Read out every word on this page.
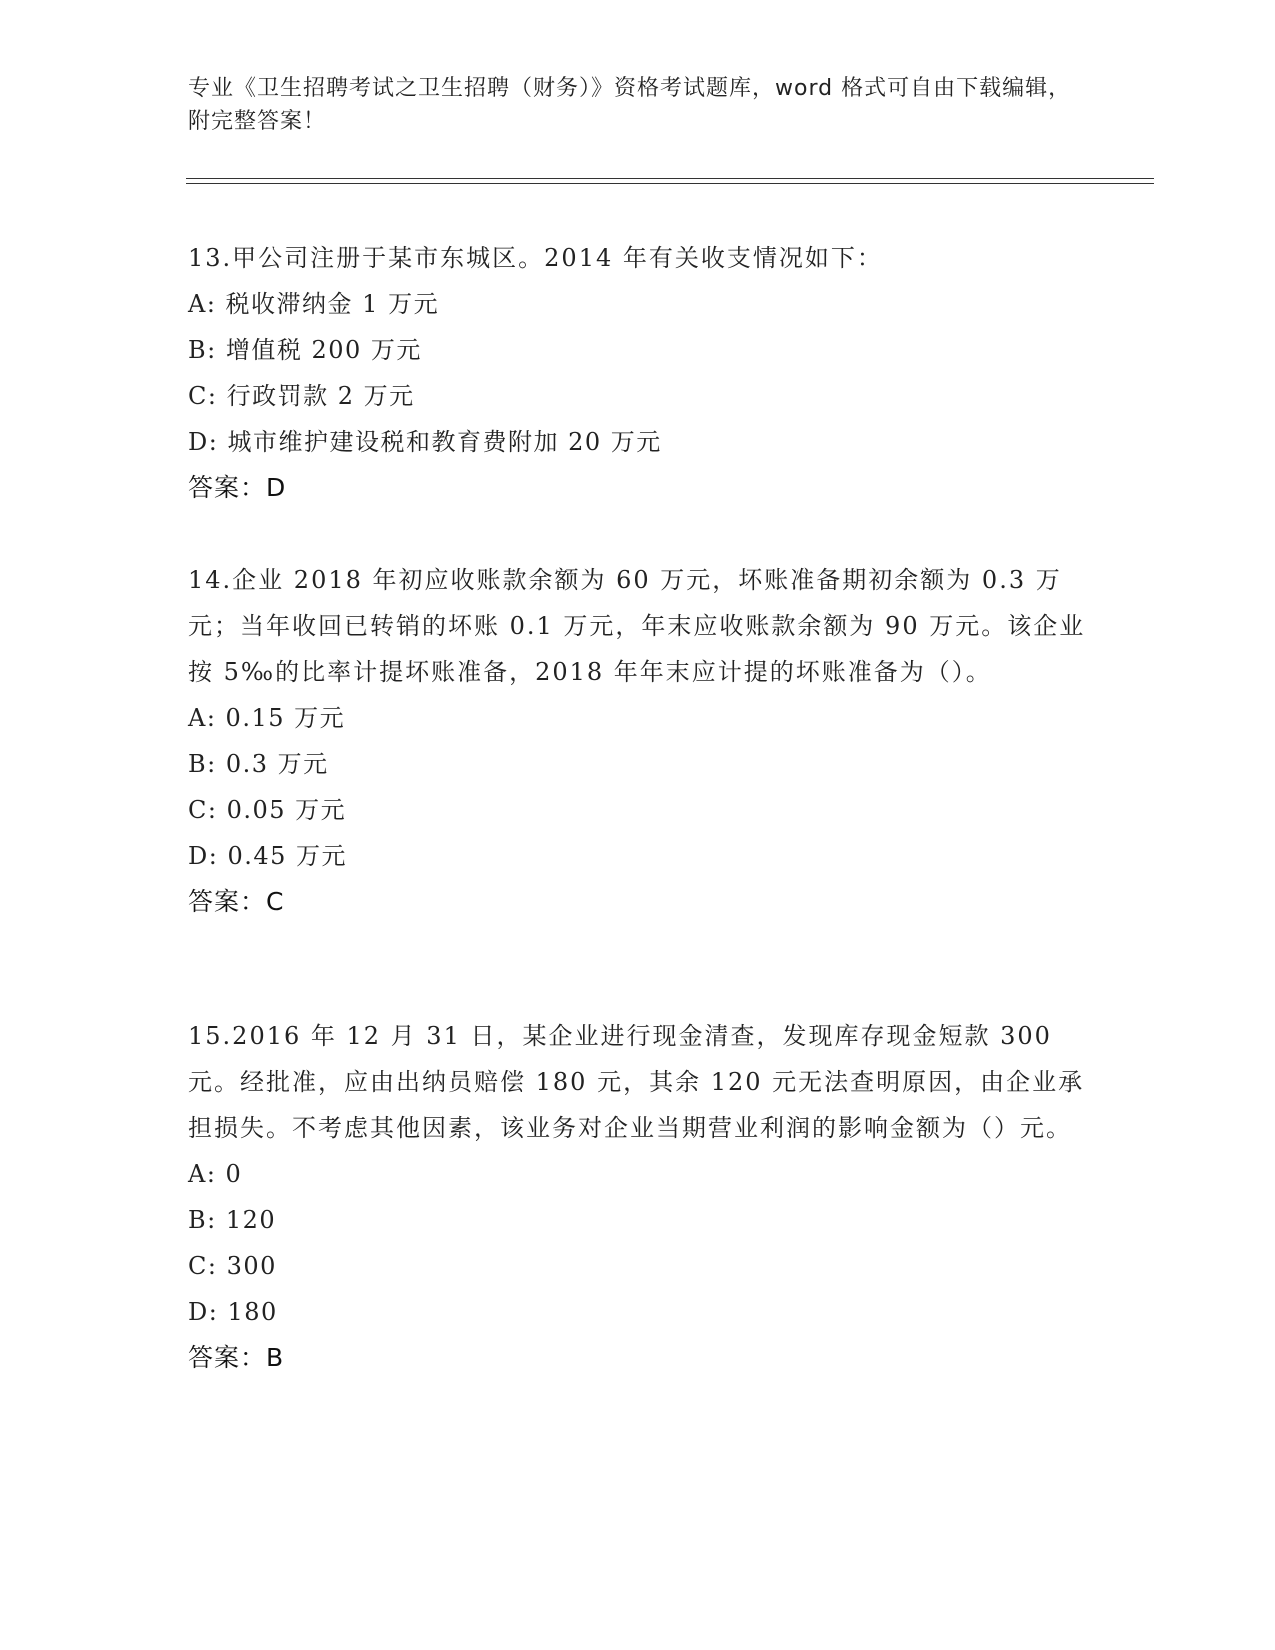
专业《卫生招聘考试之卫生招聘（财务）》资格考试题库，word 格式可自由下载编辑，附完整答案！
13.甲公司注册于某市东城区。2014 年有关收支情况如下：
A: 税收滞纳金 1 万元
B: 增值税 200 万元
C: 行政罚款 2 万元
D: 城市维护建设税和教育费附加 20 万元
答案：D
14.企业 2018 年初应收账款余额为 60 万元，坏账准备期初余额为 0.3 万元；当年收回已转销的坏账 0.1 万元，年末应收账款余额为 90 万元。该企业按 5‰的比率计提坏账准备，2018 年年末应计提的坏账准备为（）。
A: 0.15 万元
B: 0.3 万元
C: 0.05 万元
D: 0.45 万元
答案：C
15.2016 年 12 月 31 日，某企业进行现金清查，发现库存现金短款 300 元。经批准，应由出纳员赔偿 180 元，其余 120 元无法查明原因，由企业承担损失。不考虑其他因素，该业务对企业当期营业利润的影响金额为（）元。
A: 0
B: 120
C: 300
D: 180
答案：B
